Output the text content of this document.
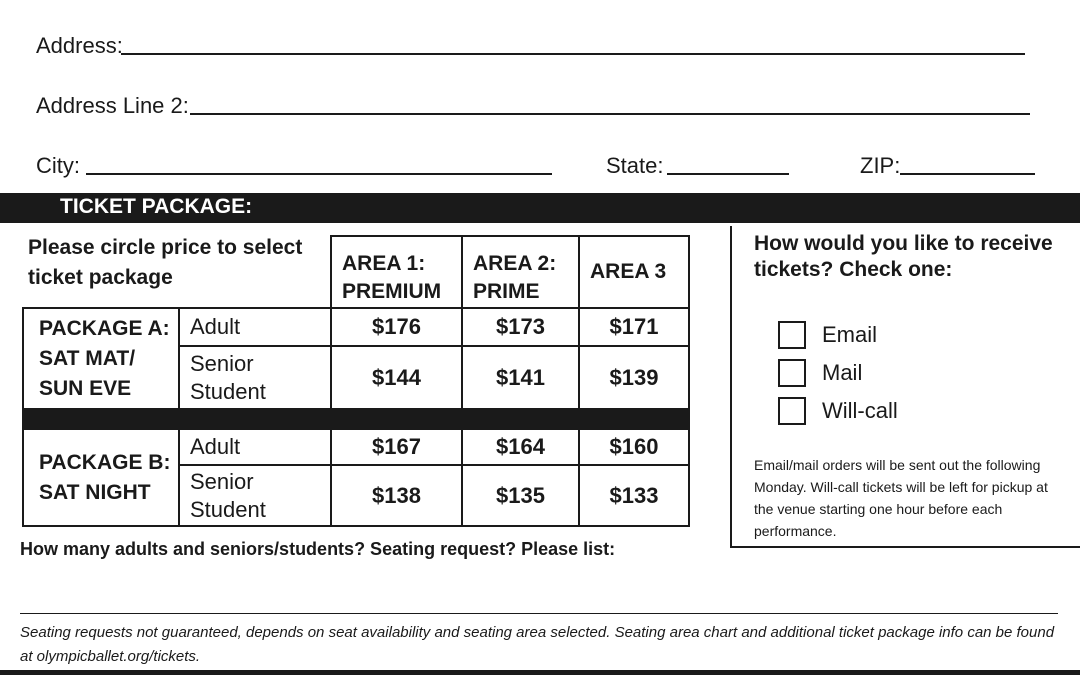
Address:
Address Line 2:
City:	State:	ZIP:
TICKET PACKAGE:
Please circle price to select ticket package
		AREA 1: PREMIUM	AREA 2: PRIME	AREA 3
PACKAGE A: SAT MAT/ SUN EVE	Adult	$176	$173	$171
	Senior Student	$144	$141	$139

PACKAGE B: SAT NIGHT	Adult	$167	$164	$160
	Senior Student	$138	$135	$133
How would you like to receive tickets? Check one:
Email
Mail
Will-call
Email/mail orders will be sent out the following Monday. Will-call tickets will be left for pickup at the venue starting one hour before each performance.
How many adults and seniors/students? Seating request? Please list:
Seating requests not guaranteed, depends on seat availability and seating area selected. Seating area chart and additional ticket package info can be found at olympicballet.org/tickets.
